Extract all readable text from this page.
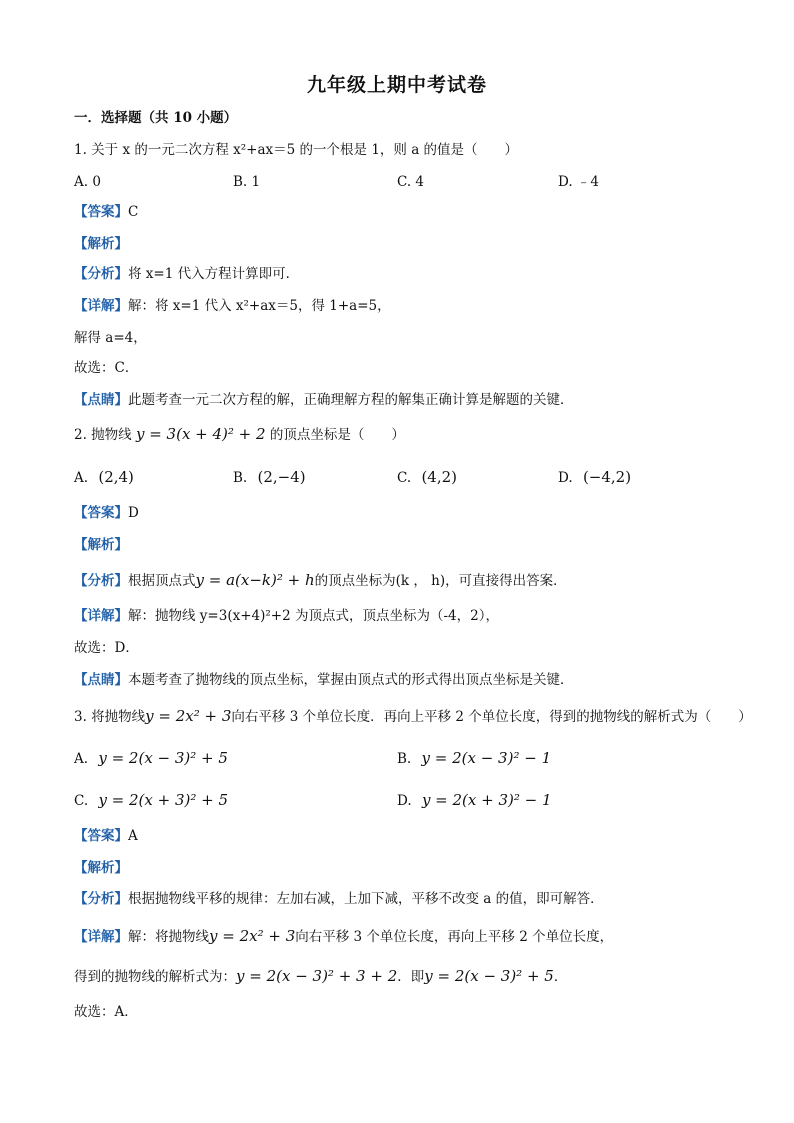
九年级上期中考试卷
一．选择题（共 10 小题）
1. 关于 x 的一元二次方程 x²+ax＝5 的一个根是 1，则 a 的值是（　　）
A. 0	B. 1	C. 4	D. ﹣4
【答案】C
【解析】
【分析】将 x=1 代入方程计算即可．
【详解】解：将 x=1 代入 x²+ax＝5，得 1+a=5，
解得 a=4，
故选：C．
【点睛】此题考查一元二次方程的解，正确理解方程的解集正确计算是解题的关键．
2. 抛物线 y = 3(x + 4)² + 2 的顶点坐标是（　　）
A. (2,4)	B. (2,−4)	C. (4,2)	D. (−4,2)
【答案】D
【解析】
【分析】根据顶点式y = a(x−k)² + h的顶点坐标为(k ， h)，可直接得出答案．
【详解】解：抛物线 y=3(x+4)²+2 为顶点式，顶点坐标为（-4，2），
故选：D．
【点睛】本题考查了抛物线的顶点坐标，掌握由顶点式的形式得出顶点坐标是关键．
3. 将抛物线y = 2x² + 3向右平移 3 个单位长度．再向上平移 2 个单位长度，得到的抛物线的解析式为（　　）
A. y = 2(x − 3)² + 5	B. y = 2(x − 3)² − 1
C. y = 2(x + 3)² + 5	D. y = 2(x + 3)² − 1
【答案】A
【解析】
【分析】根据抛物线平移的规律：左加右减，上加下减，平移不改变 a 的值，即可解答．
【详解】解：将抛物线y = 2x² + 3向右平移 3 个单位长度，再向上平移 2 个单位长度，
得到的抛物线的解析式为：y = 2(x − 3)² + 3 + 2．即y = 2(x − 3)² + 5．
故选：A．
